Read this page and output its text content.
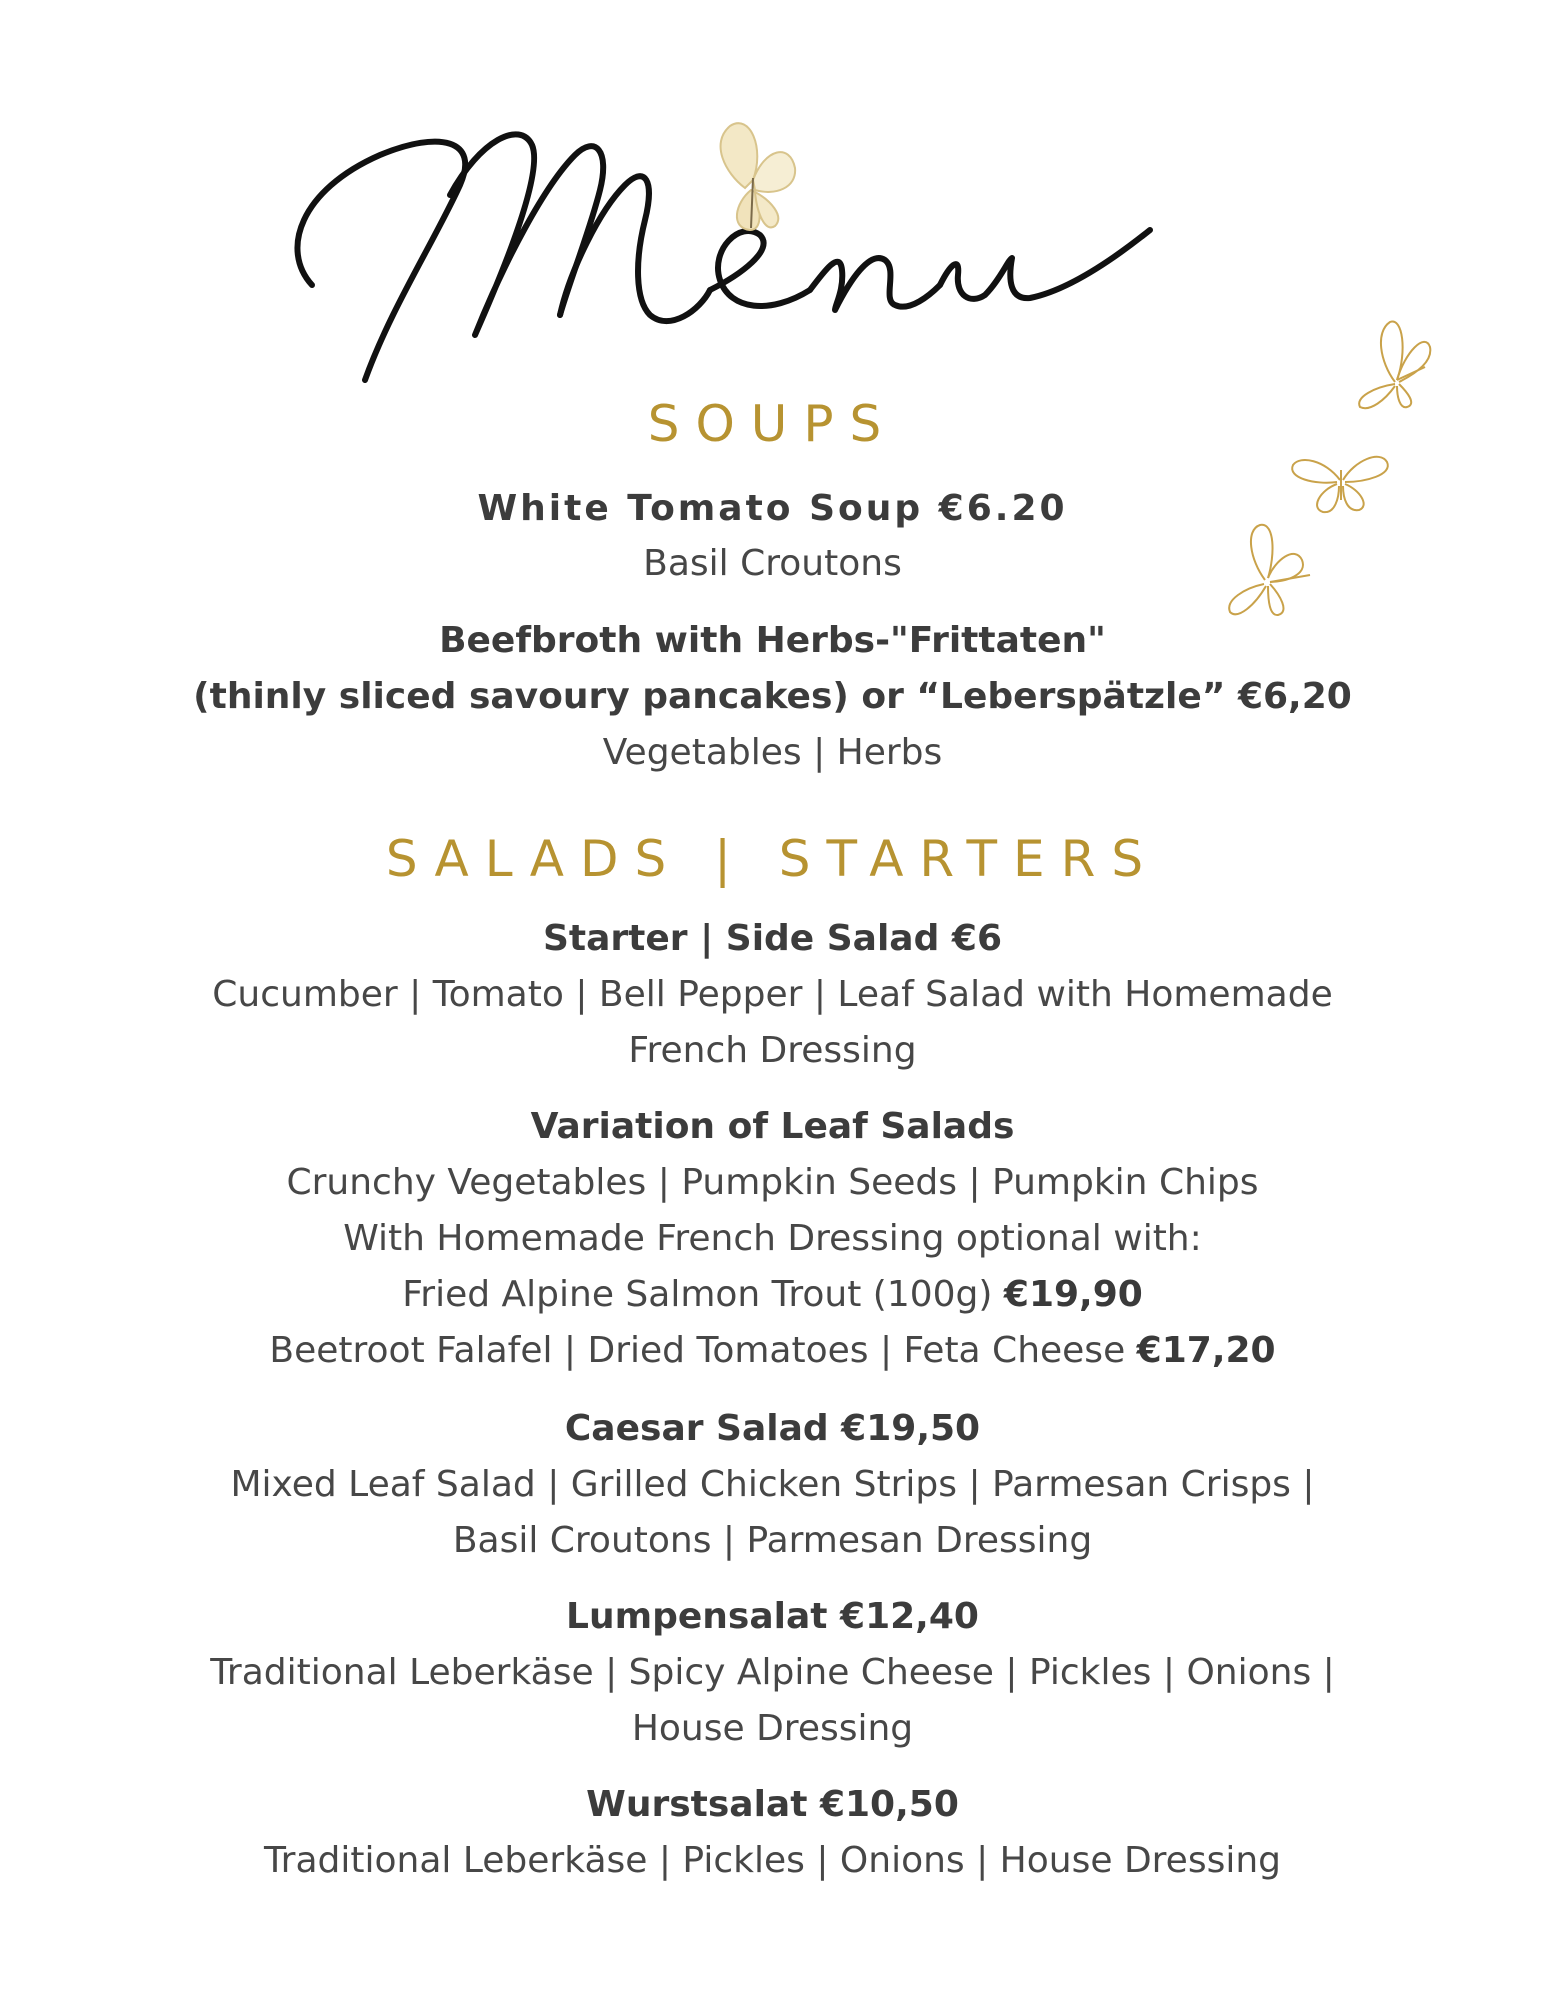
SOUPS
White Tomato Soup €6.20
Basil Croutons
Beefbroth with Herbs-"Frittaten"
(thinly sliced savoury pancakes) or “Leberspätzle” €6,20
Vegetables | Herbs
SALADS | STARTERS
Starter | Side Salad €6
Cucumber | Tomato | Bell Pepper | Leaf Salad with Homemade
French Dressing
Variation of Leaf Salads
Crunchy Vegetables | Pumpkin Seeds | Pumpkin Chips
With Homemade French Dressing optional with:
Fried Alpine Salmon Trout (100g) €19,90
Beetroot Falafel | Dried Tomatoes | Feta Cheese €17,20
Caesar Salad €19,50
Mixed Leaf Salad | Grilled Chicken Strips | Parmesan Crisps |
Basil Croutons | Parmesan Dressing
Lumpensalat €12,40
Traditional Leberkäse | Spicy Alpine Cheese | Pickles | Onions |
House Dressing
Wurstsalat €10,50
Traditional Leberkäse | Pickles | Onions | House Dressing
